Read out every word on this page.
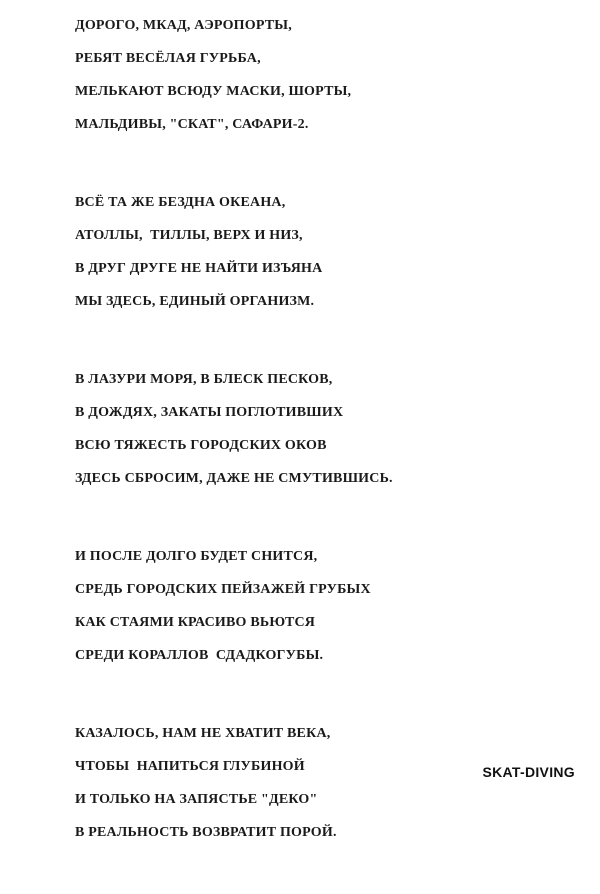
ДОРОГО, МКАД, АЭРОПОРТЫ,
РЕБЯТ ВЕСЁЛАЯ ГУРЬБА,
МЕЛЬКАЮТ ВСЮДУ МАСКИ, ШОРТЫ,
МАЛЬДИВЫ, "СКАТ", САФАРИ-2.
ВСЁ ТА ЖЕ БЕЗДНА ОКЕАНА,
АТОЛЛЫ,  ТИЛЛЫ, ВЕРХ И НИЗ,
В ДРУГ ДРУГЕ НЕ НАЙТИ ИЗЪЯНА
МЫ ЗДЕСЬ, ЕДИНЫЙ ОРГАНИЗМ.
В ЛАЗУРИ МОРЯ, В БЛЕСК ПЕСКОВ,
В ДОЖДЯХ, ЗАКАТЫ ПОГЛОТИВШИХ
ВСЮ ТЯЖЕСТЬ ГОРОДСКИХ ОКОВ
ЗДЕСЬ СБРОСИМ, ДАЖЕ НЕ СМУТИВШИСЬ.
И ПОСЛЕ ДОЛГО БУДЕТ СНИТСЯ,
СРЕДЬ ГОРОДСКИХ ПЕЙЗАЖЕЙ ГРУБЫХ
КАК СТАЯМИ КРАСИВО ВЬЮТСЯ
СРЕДИ КОРАЛЛОВ  СДАДКОГУБЫ.
КАЗАЛОСЬ, НАМ НЕ ХВАТИТ ВЕКА,
ЧТОБЫ  НАПИТЬСЯ ГЛУБИНОЙ
И ТОЛЬКО НА ЗАПЯСТЬЕ "ДЕКО"
В РЕАЛЬНОСТЬ ВОЗВРАТИТ ПОРОЙ.
SKAT-DIVING
